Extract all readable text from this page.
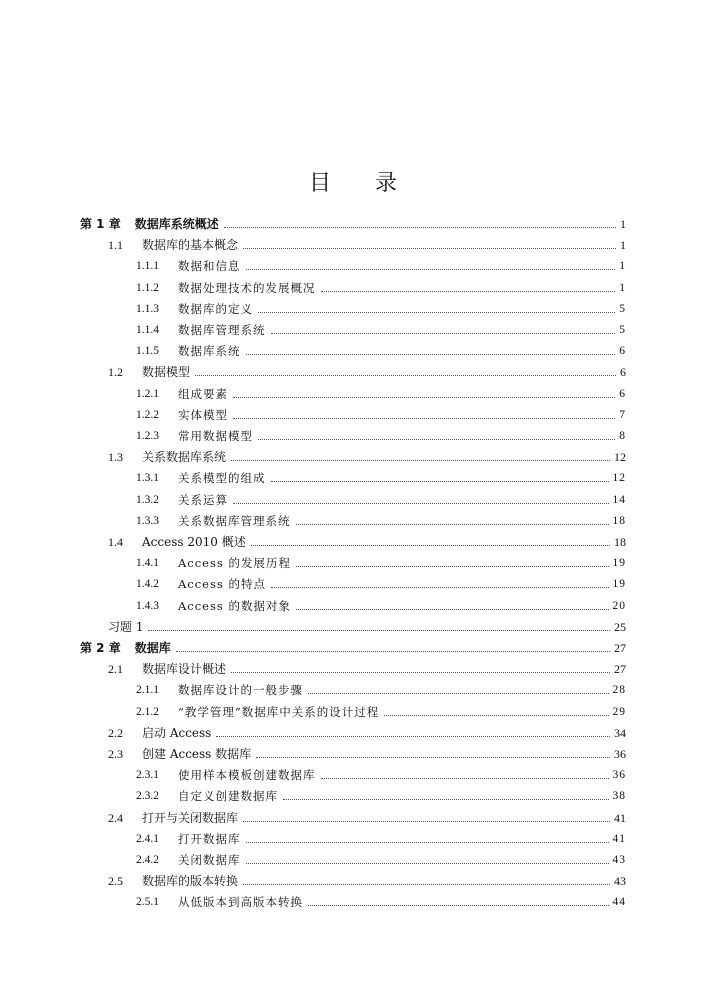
目录
第 1 章 数据库系统概述	1
1.1	数据库的基本概念	1
1.1.1	数据和信息	1
1.1.2	数据处理技术的发展概况	1
1.1.3	数据库的定义	5
1.1.4	数据库管理系统	5
1.1.5	数据库系统	6
1.2	数据模型	6
1.2.1	组成要素	6
1.2.2	实体模型	7
1.2.3	常用数据模型	8
1.3	关系数据库系统	12
1.3.1	关系模型的组成	12
1.3.2	关系运算	14
1.3.3	关系数据库管理系统	18
1.4	Access 2010 概述	18
1.4.1	Access 的发展历程	19
1.4.2	Access 的特点	19
1.4.3	Access 的数据对象	20
习题 1	25
第 2 章 数据库	27
2.1	数据库设计概述	27
2.1.1	数据库设计的一般步骤	28
2.1.2	“教学管理”数据库中关系的设计过程	29
2.2	启动 Access	34
2.3	创建 Access 数据库	36
2.3.1	使用样本模板创建数据库	36
2.3.2	自定义创建数据库	38
2.4	打开与关闭数据库	41
2.4.1	打开数据库	41
2.4.2	关闭数据库	43
2.5	数据库的版本转换	43
2.5.1	从低版本到高版本转换	44
